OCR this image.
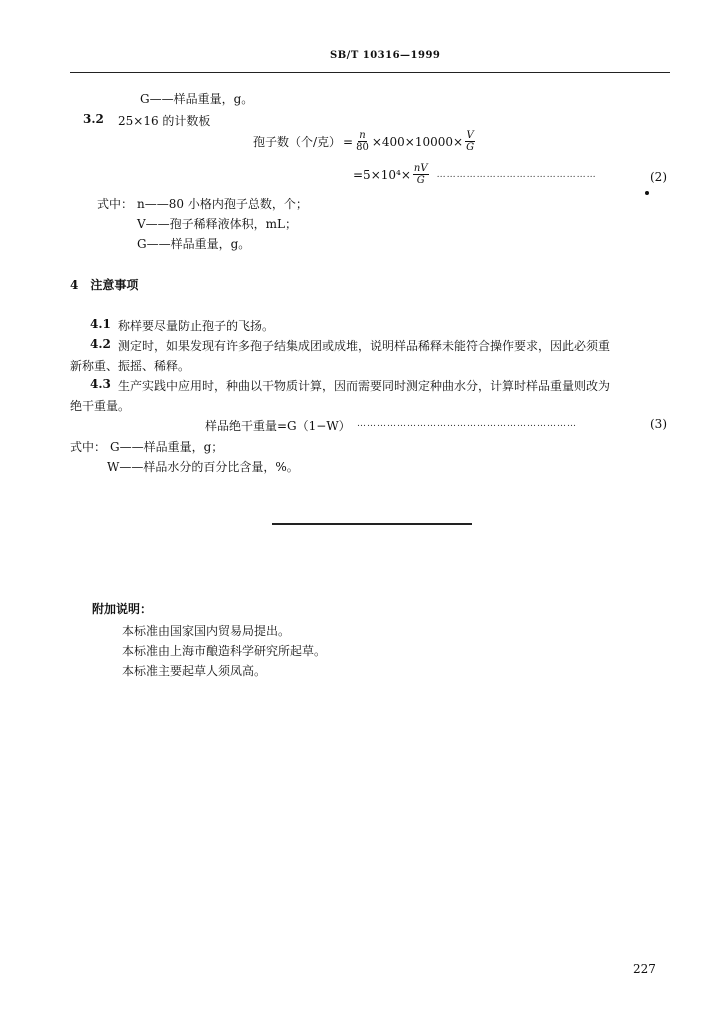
SB/T 10316—1999
G——样品重量，g。
3.2 25×16 的计数板
孢子数（个/克） = $\frac{n}{80} \times 400\times 10000\times \frac{V}{G}$
$=5\times 10^4\times \frac{nV}{G}$ …………………………………………	(2)
式中： n——80 小格内孢子总数，个；
V——孢子稀释液体积，mL；
G——样品重量，g。
4　注意事项
4.1 称样要尽量防止孢子的飞扬。
4.2 测定时，如果发现有许多孢子结集成团或成堆，说明样品稀释未能符合操作要求，因此必须重
新称重、振摇、稀释。
4.3 生产实践中应用时，种曲以干物质计算，因而需要同时测定种曲水分，计算时样品重量则改为
绝干重量。
样品绝干重量=G（1−W） …………………………………………………………	(3)
式中： G——样品重量，g；
W——样品水分的百分比含量，%。
附加说明：
本标准由国家国内贸易局提出。
本标准由上海市酿造科学研究所起草。
本标准主要起草人须凤高。
227
